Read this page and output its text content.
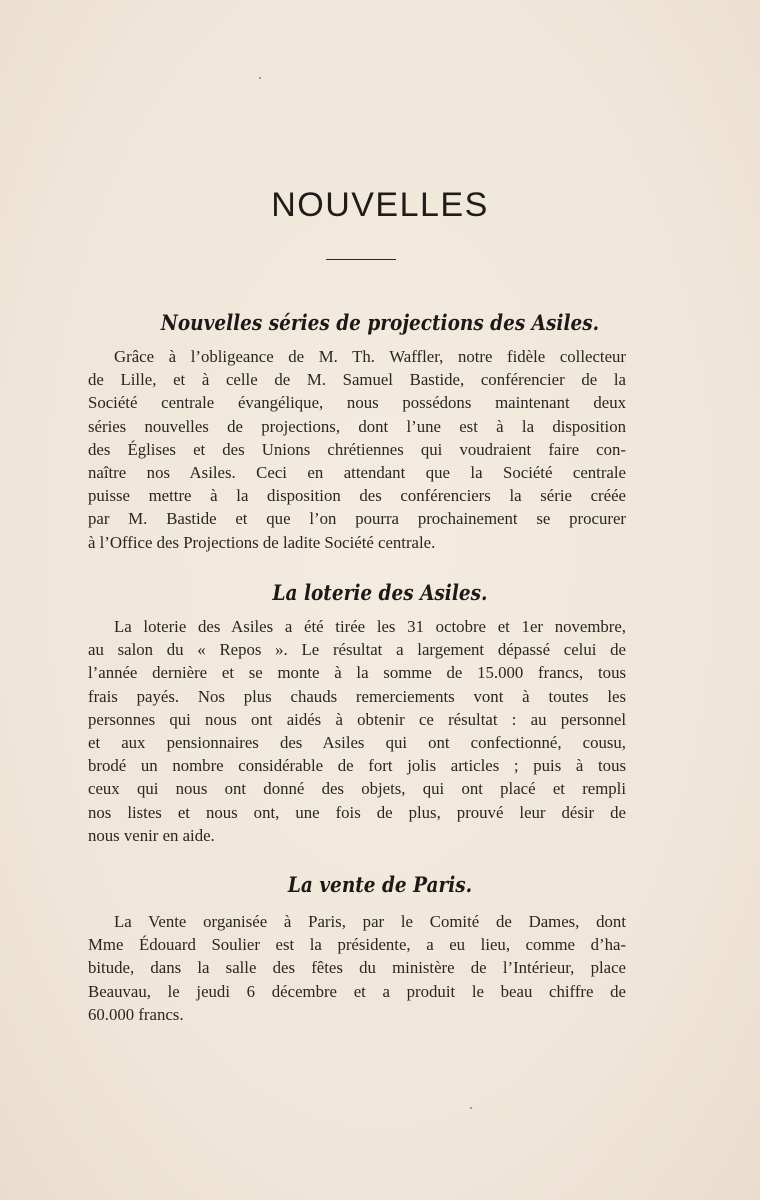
NOUVELLES
Nouvelles séries de projections des Asiles.
Grâce à l’obligeance de M. Th. Waffler, notre fidèle collecteur
de Lille, et à celle de M. Samuel Bastide, conférencier de la
Société centrale évangélique, nous possédons maintenant deux
séries nouvelles de projections, dont l’une est à la disposition
des Églises et des Unions chrétiennes qui voudraient faire con-
naître nos Asiles. Ceci en attendant que la Société centrale
puisse mettre à la disposition des conférenciers la série créée
par M. Bastide et que l’on pourra prochainement se procurer
à l’Office des Projections de ladite Société centrale.
La loterie des Asiles.
La loterie des Asiles a été tirée les 31 octobre et 1er novembre,
au salon du « Repos ». Le résultat a largement dépassé celui de
l’année dernière et se monte à la somme de 15.000 francs, tous
frais payés. Nos plus chauds remerciements vont à toutes les
personnes qui nous ont aidés à obtenir ce résultat : au personnel
et aux pensionnaires des Asiles qui ont confectionné, cousu,
brodé un nombre considérable de fort jolis articles ; puis à tous
ceux qui nous ont donné des objets, qui ont placé et rempli
nos listes et nous ont, une fois de plus, prouvé leur désir de
nous venir en aide.
La vente de Paris.
La Vente organisée à Paris, par le Comité de Dames, dont
Mme Édouard Soulier est la présidente, a eu lieu, comme d’ha-
bitude, dans la salle des fêtes du ministère de l’Intérieur, place
Beauvau, le jeudi 6 décembre et a produit le beau chiffre de
60.000 francs.
